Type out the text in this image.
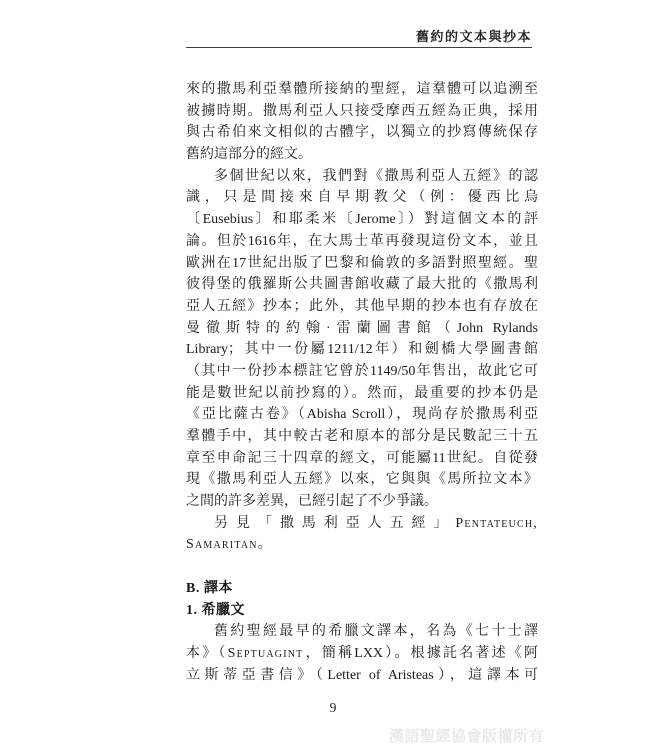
舊約的文本與抄本
來的撒馬利亞羣體所接納的聖經，這羣體可以追溯至
被擄時期。撒馬利亞人只接受摩西五經為正典，採用
與古希伯來文相似的古體字，以獨立的抄寫傳統保存
舊約這部分的經文。
多個世紀以來，我們對《撒馬利亞人五經》的認
識，只是間接來自早期教父（例：優西比烏
〔Eusebius〕和耶柔米〔Jerome〕）對這個文本的評
論。但於1616年，在大馬士革再發現這份文本，並且
歐洲在17世紀出版了巴黎和倫敦的多語對照聖經。聖
彼得堡的俄羅斯公共圖書館收藏了最大批的《撒馬利
亞人五經》抄本；此外，其他早期的抄本也有存放在
曼徹斯特的約翰·雷蘭圖書館（John Rylands
Library；其中一份屬1211/12年）和劍橋大學圖書館
（其中一份抄本標註它曾於1149/50年售出，故此它可
能是數世紀以前抄寫的）。然而，最重要的抄本仍是
《亞比薩古卷》（Abisha Scroll），現尚存於撒馬利亞
羣體手中，其中較古老和原本的部分是民數記三十五
章至申命記三十四章的經文，可能屬11世紀。自從發
現《撒馬利亞人五經》以來，它與與《馬所拉文本》
之間的許多差異，已經引起了不少爭議。
另見「撒馬利亞人五經」Pentateuch,
Samaritan。
B. 譯本
1. 希臘文
舊約聖經最早的希臘文譯本，名為《七十士譯
本》（Septuagint，簡稱LXX）。根據託名著述《阿
立斯蒂亞書信》（Letter of Aristeas），這譯本可
9
漢語聖經協會版權所有
